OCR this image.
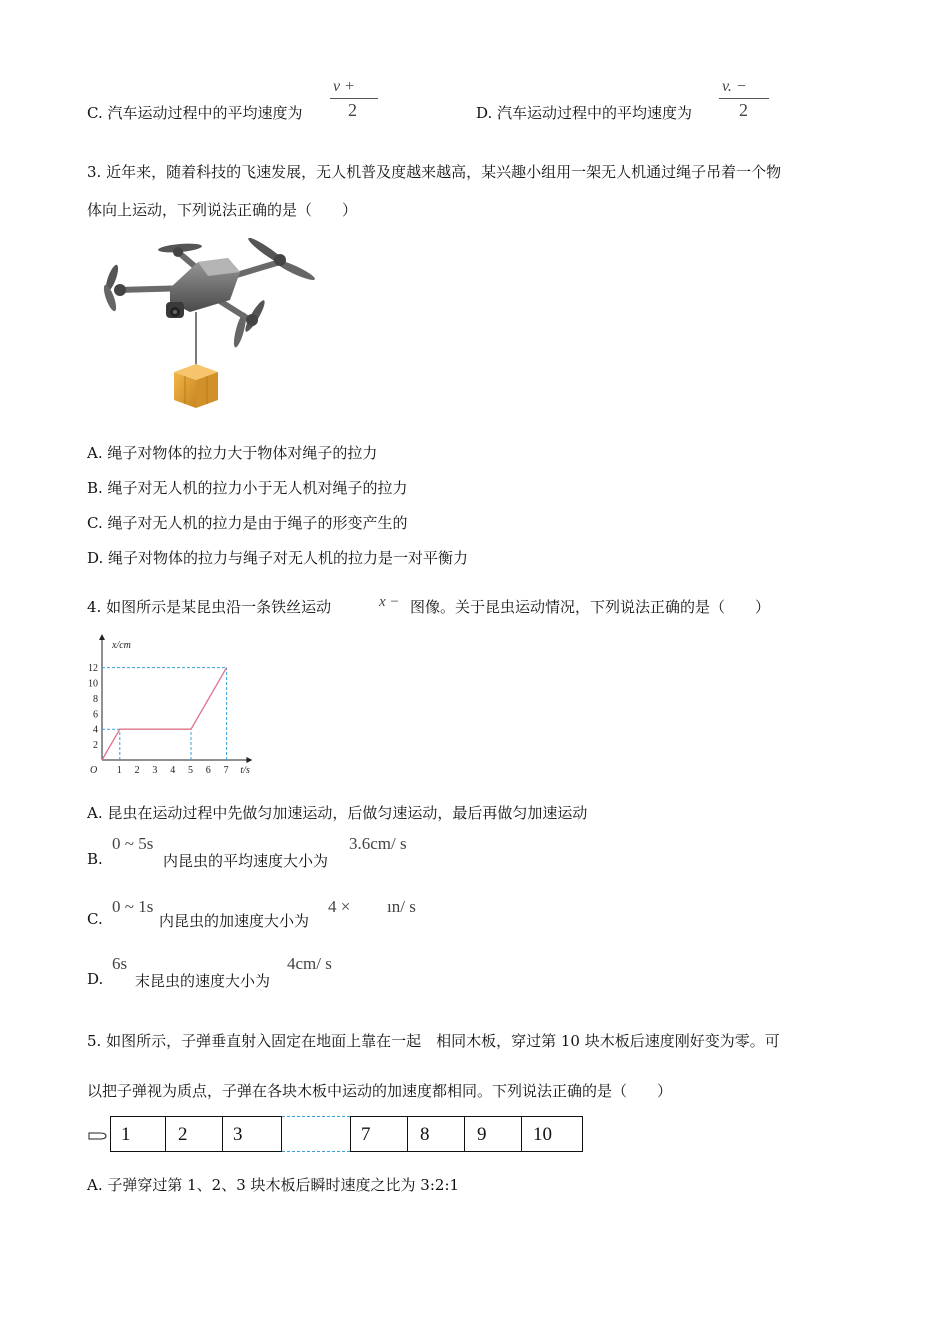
C. 汽车运动过程中的平均速度为
v +
2	D. 汽车运动过程中的平均速度为
v. −
2
3. 近年来，随着科技的飞速发展，无人机普及度越来越高，某兴趣小组用一架无人机通过绳子吊着一个物
体向上运动，下列说法正确的是（　　）
A. 绳子对物体的拉力大于物体对绳子的拉力
B. 绳子对无人机的拉力小于无人机对绳子的拉力
C. 绳子对无人机的拉力是由于绳子的形变产生的
D. 绳子对物体的拉力与绳子对无人机的拉力是一对平衡力
4. 如图所示是某昆虫沿一条铁丝运动	x − 图像。关于昆虫运动情况，下列说法正确的是（　　）
x/cm
t/s
O 1 2 3 4 5 6 7
2
4
6
8
10
12
A. 昆虫在运动过程中先做匀加速运动，后做匀速运动，最后再做匀加速运动
B.
0 ~ 5s
内昆虫的平均速度大小为
3.6cm/ s
C.
0 ~ 1s
内昆虫的加速度大小为
4 × ın/ s
D.
6s
末昆虫的速度大小为
4cm/ s
5. 如图所示，子弹垂直射入固定在地面上靠在一起　相同木板，穿过第 10 块木板后速度刚好变为零。可
以把子弹视为质点，子弹在各块木板中运动的加速度都相同。下列说法正确的是（　　）
1	2 3	7	8	9 10
A. 子弹穿过第 1、2、3 块木板后瞬时速度之比为 3:2:1
